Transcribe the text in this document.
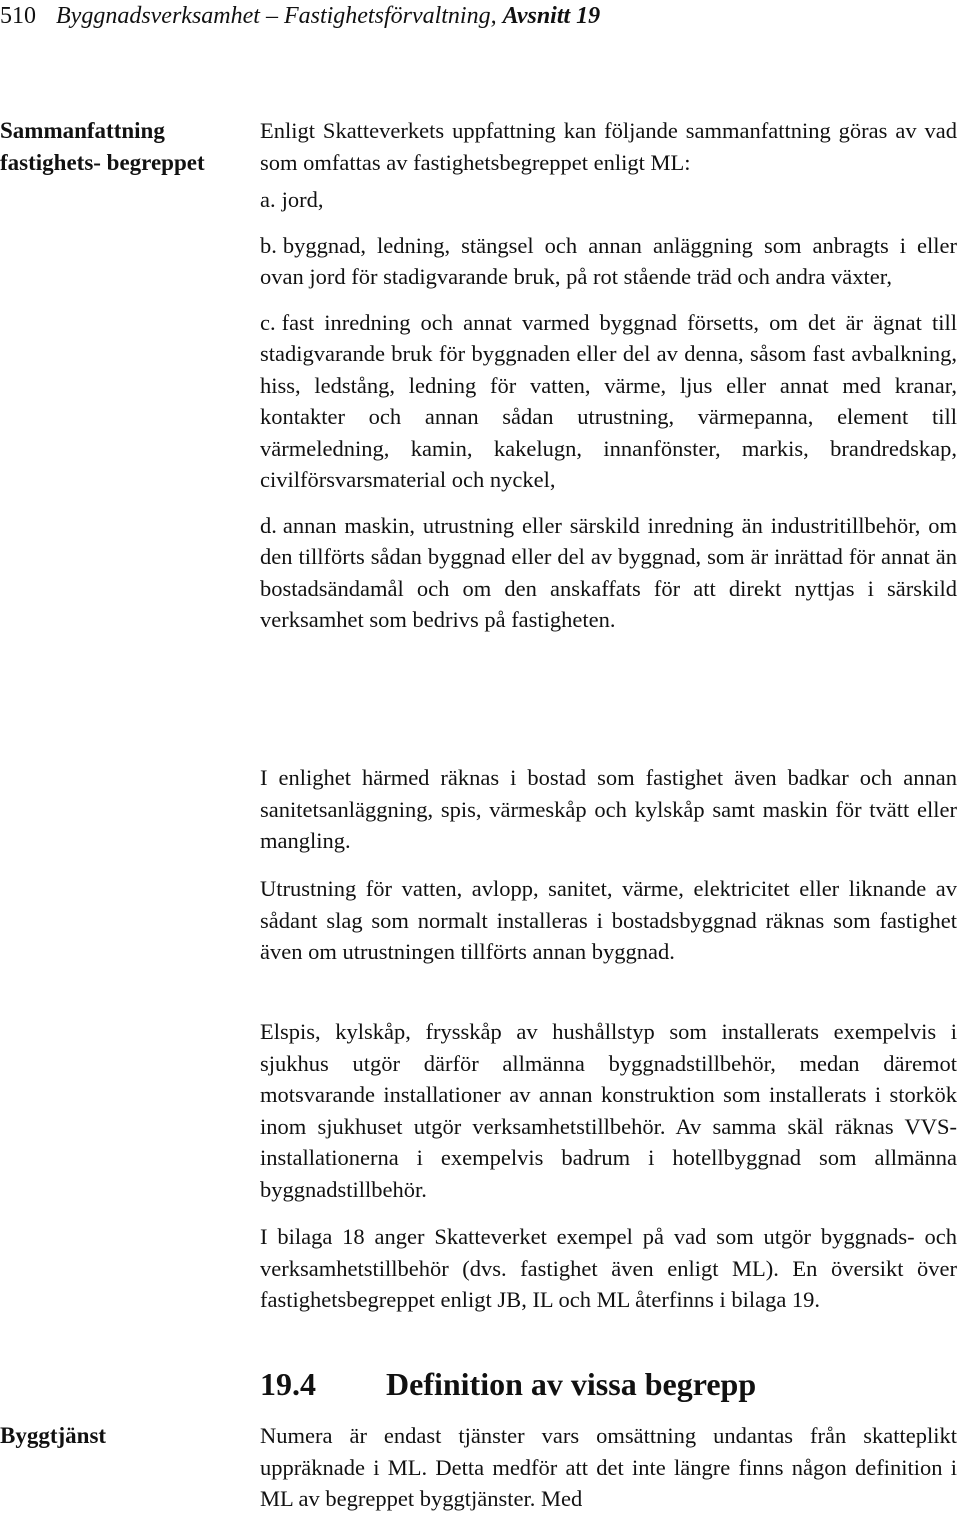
510 Byggnadsverksamhet – Fastighetsförvaltning, Avsnitt 19
Sammanfattning fastighets- begreppet

Enligt Skatteverkets uppfattning kan följande sammanfattning göras av vad som omfattas av fastighetsbegreppet enligt ML:

a. jord,
b. byggnad, ledning, stängsel och annan anläggning som anbragts i eller ovan jord för stadigvarande bruk, på rot stående träd och andra växter,
c. fast inredning och annat varmed byggnad försetts, om det är ägnat till stadigvarande bruk för byggnaden eller del av denna, såsom fast avbalkning, hiss, ledstång, ledning för vatten, värme, ljus eller annat med kranar, kontakter och annan sådan utrustning, värmepanna, element till värmeledning, kamin, kakelugn, innanfönster, markis, brandredskap, civilförsvarsmaterial och nyckel,
d. annan maskin, utrustning eller särskild inredning än industritillbehör, om den tillförts sådan byggnad eller del av byggnad, som är inrättad för annat än bostadsändamål och om den anskaffats för att direkt nyttjas i särskild verksamhet som bedrivs på fastigheten.

I enlighet härmed räknas i bostad som fastighet även badkar och annan sanitetsanläggning, spis, värmeskåp och kylskåp samt maskin för tvätt eller mangling.

Utrustning för vatten, avlopp, sanitet, värme, elektricitet eller liknande av sådant slag som normalt installeras i bostadsbyggnad räknas som fastighet även om utrustningen tillförts annan byggnad.

Elspis, kylskåp, frysskåp av hushållstyp som installerats exempelvis i sjukhus utgör därför allmänna byggnadstillbehör, medan däremot motsvarande installationer av annan konstruktion som installerats i storkök inom sjukhuset utgör verksamhetstillbehör. Av samma skäl räknas VVS-installationerna i exempelvis badrum i hotellbyggnad som allmänna byggnadstillbehör.

I bilaga 18 anger Skatteverket exempel på vad som utgör byggnads- och verksamhetstillbehör (dvs. fastighet även enligt ML). En översikt över fastighetsbegreppet enligt JB, IL och ML återfinns i bilaga 19.

19.4 Definition av vissa begrepp
Byggtjänst	Numera är endast tjänster vars omsättning undantas från skatteplikt uppräknade i ML. Detta medför att det inte längre finns någon definition i ML av begreppet byggtjänster. Med
